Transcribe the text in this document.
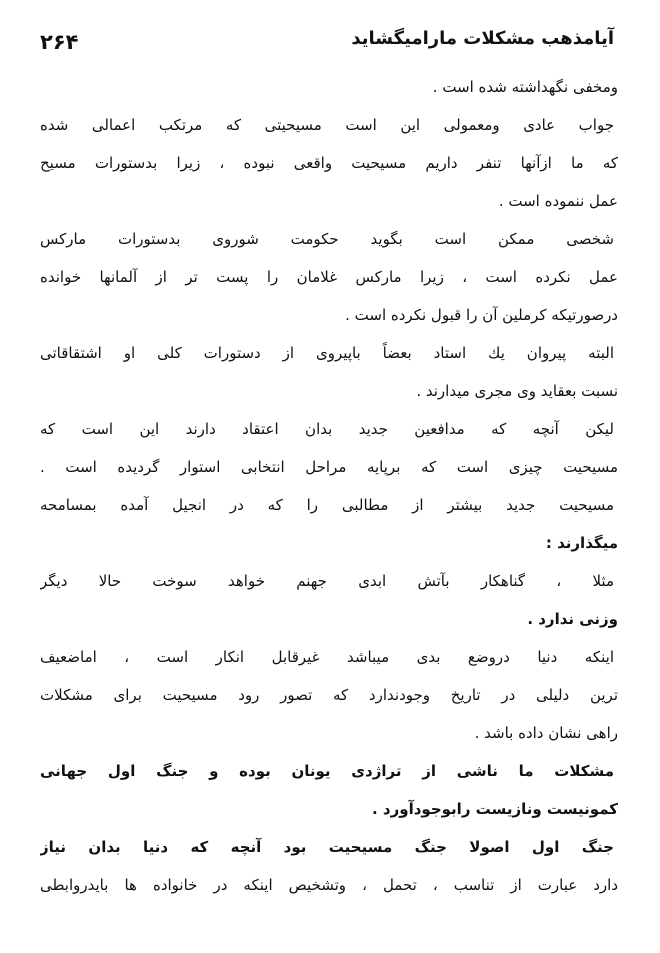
۲۶۴	آیامذهب مشکلات مارامیگشاید
ومخفی نگهداشته شده است .
جواب عادی ومعمولی این است مسیحیتی که مرتکب اعمالی شده
که ما ازآنها تنفر داریم مسیحیت واقعی نبوده ، زیرا بدستورات مسیح
عمل ننموده است .
شخصی ممکن است بگوید حکومت شوروی بدستورات مارکس
عمل نکرده است ، زیرا مارکس غلامان را پست تر از آلمانها خوانده
درصورتیکه کرملین آن را قبول نکرده است .
البته پیروان یك استاد بعضاً باپیروی از دستورات کلی او اشتقاقاتی
نسبت بعقاید وی مجری میدارند .
لیکن آنچه که مدافعین جدید بدان اعتقاد دارند این است که
مسیحیت چیزی است که برپایه مراحل انتخابی استوار گردیده است .
مسیحیت جدید بیشتر از مطالبی را که در انجیل آمده بمسامحه
میگذارند :
مثلا ، گناهکار بآتش ابدی جهنم خواهد سوخت حالا دیگر
وزنی ندارد .
اینکه دنیا دروضع بدی میباشد غیرقابل انکار است ، اماضعیف
ترین دلیلی در تاریخ وجودندارد که تصور رود مسیحیت برای مشکلات
راهی نشان داده باشد .
مشکلات ما ناشی از تراژدی یونان بوده و جنگ اول جهانی
کمونیست ونازیست رابوجودآورد .
جنگ اول اصولا جنگ مسیحیت بود آنچه که دنیا بدان نیاز
دارد عبارت از تناسب ، تحمل ، وتشخیص اینکه در خانواده ها بایدروابطی
